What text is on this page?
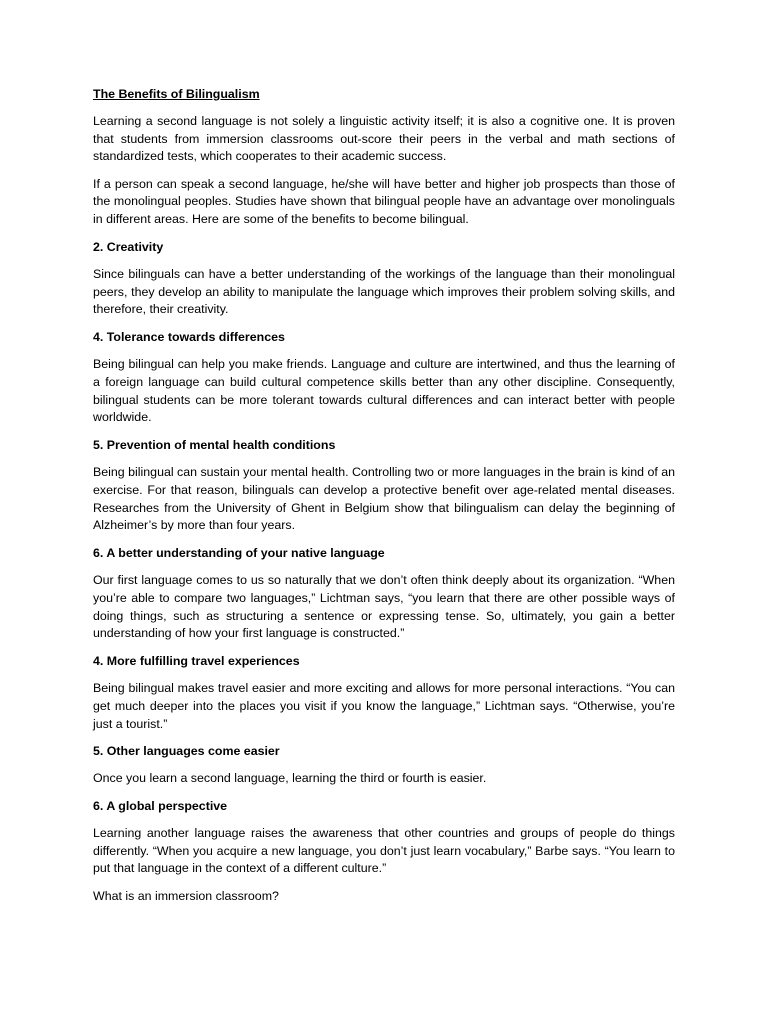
The Benefits of Bilingualism

Learning a second language is not solely a linguistic activity itself; it is also a cognitive one. It is proven that students from immersion classrooms out-score their peers in the verbal and math sections of standardized tests, which cooperates to their academic success.

If a person can speak a second language, he/she will have better and higher job prospects than those of the monolingual peoples. Studies have shown that bilingual people have an advantage over monolinguals in different areas. Here are some of the benefits to become bilingual.

2. Creativity

Since bilinguals can have a better understanding of the workings of the language than their monolingual peers, they develop an ability to manipulate the language which improves their problem solving skills, and therefore, their creativity.

4. Tolerance towards differences

Being bilingual can help you make friends. Language and culture are intertwined, and thus the learning of a foreign language can build cultural competence skills better than any other discipline. Consequently, bilingual students can be more tolerant towards cultural differences and can interact better with people worldwide.

5. Prevention of mental health conditions

Being bilingual can sustain your mental health. Controlling two or more languages in the brain is kind of an exercise. For that reason, bilinguals can develop a protective benefit over age-related mental diseases. Researches from the University of Ghent in Belgium show that bilingualism can delay the beginning of Alzheimer’s by more than four years.

6. A better understanding of your native language

Our first language comes to us so naturally that we don’t often think deeply about its organization. “When you’re able to compare two languages,” Lichtman says, “you learn that there are other possible ways of doing things, such as structuring a sentence or expressing tense. So, ultimately, you gain a better understanding of how your first language is constructed.”

4. More fulfilling travel experiences

Being bilingual makes travel easier and more exciting and allows for more personal interactions. “You can get much deeper into the places you visit if you know the language,” Lichtman says. “Otherwise, you’re just a tourist.”

5. Other languages come easier

Once you learn a second language, learning the third or fourth is easier.

6. A global perspective

Learning another language raises the awareness that other countries and groups of people do things differently. “When you acquire a new language, you don’t just learn vocabulary,” Barbe says. “You learn to put that language in the context of a different culture.”

What is an immersion classroom?
